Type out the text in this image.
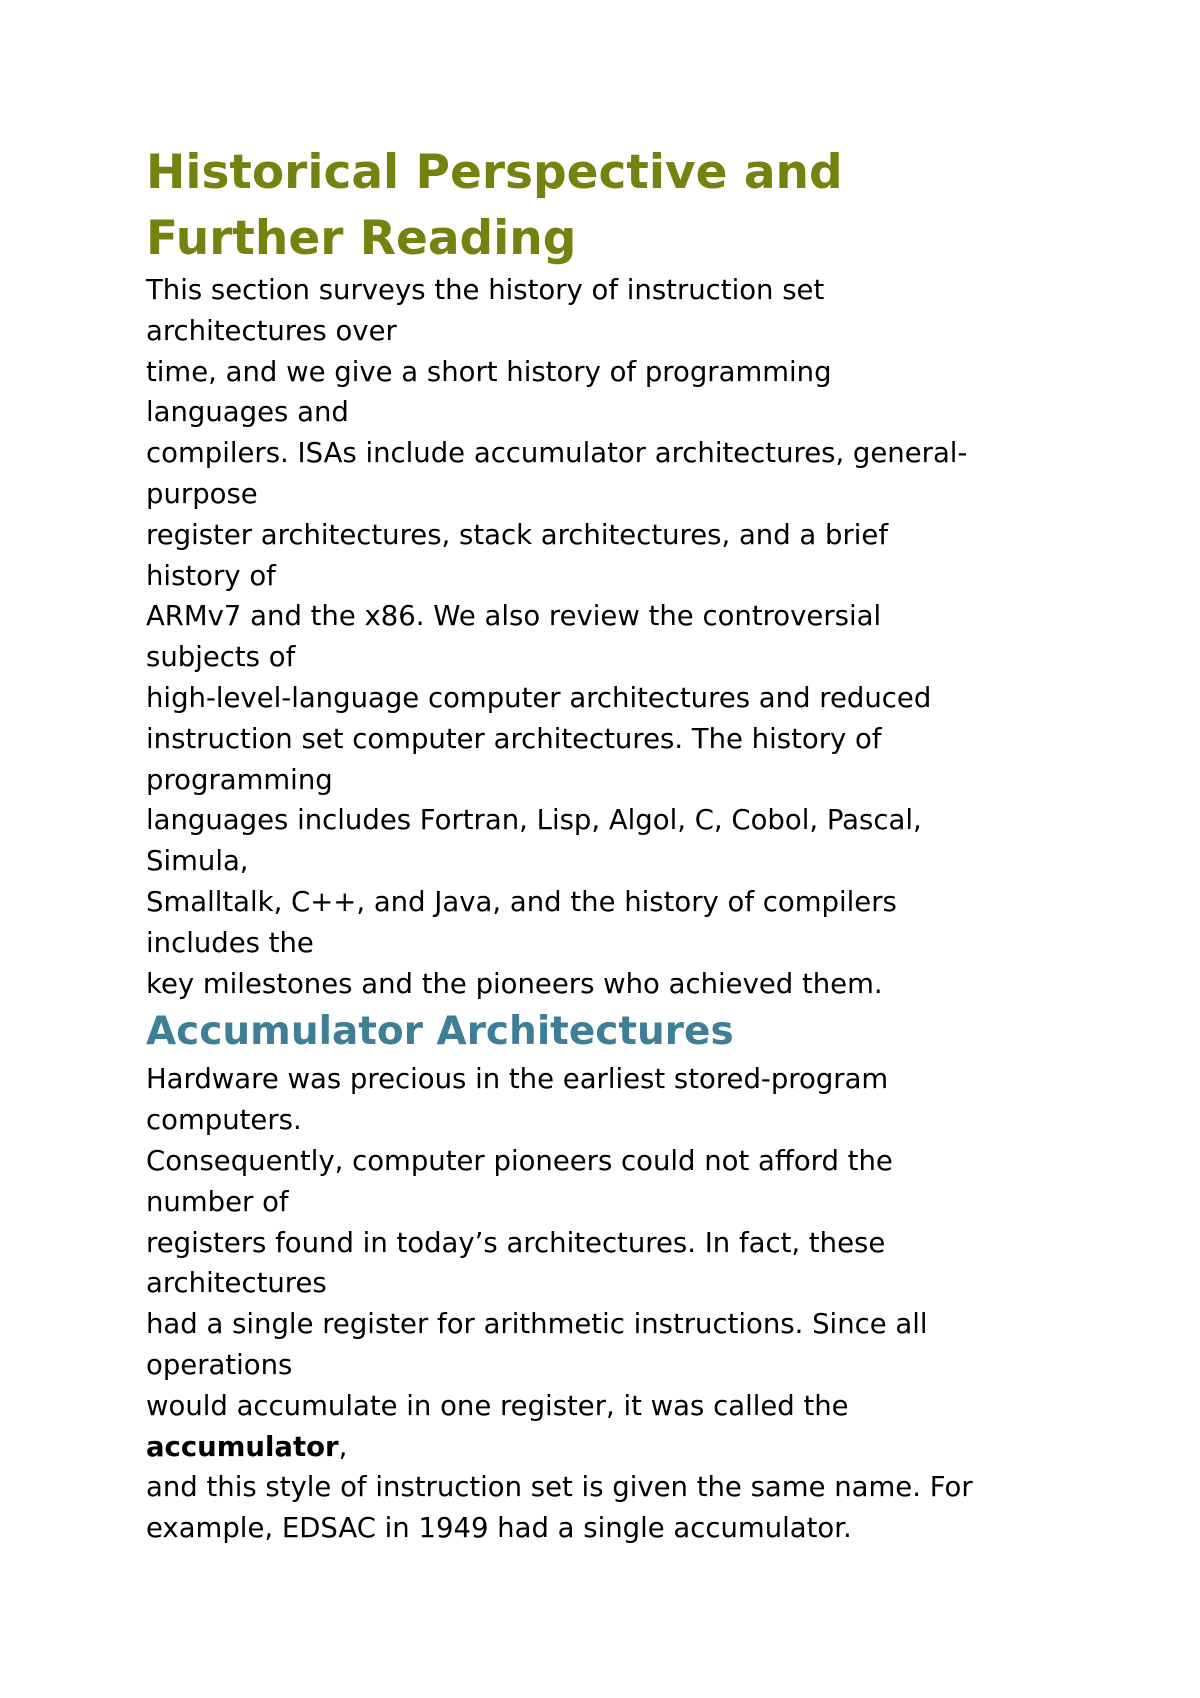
Historical Perspective and
Further Reading
This section surveys the history of instruction set
architectures over
time, and we give a short history of programming
languages and
compilers. ISAs include accumulator architectures, general-
purpose
register architectures, stack architectures, and a brief
history of
ARMv7 and the x86. We also review the controversial
subjects of
high-level-language computer architectures and reduced
instruction set computer architectures. The history of
programming
languages includes Fortran, Lisp, Algol, C, Cobol, Pascal,
Simula,
Smalltalk, C++, and Java, and the history of compilers
includes the
key milestones and the pioneers who achieved them.
Accumulator Architectures
Hardware was precious in the earliest stored-program
computers.
Consequently, computer pioneers could not afford the
number of
registers found in today’s architectures. In fact, these
architectures
had a single register for arithmetic instructions. Since all
operations
would accumulate in one register, it was called the
accumulator,
and this style of instruction set is given the same name. For
example, EDSAC in 1949 had a single accumulator.
